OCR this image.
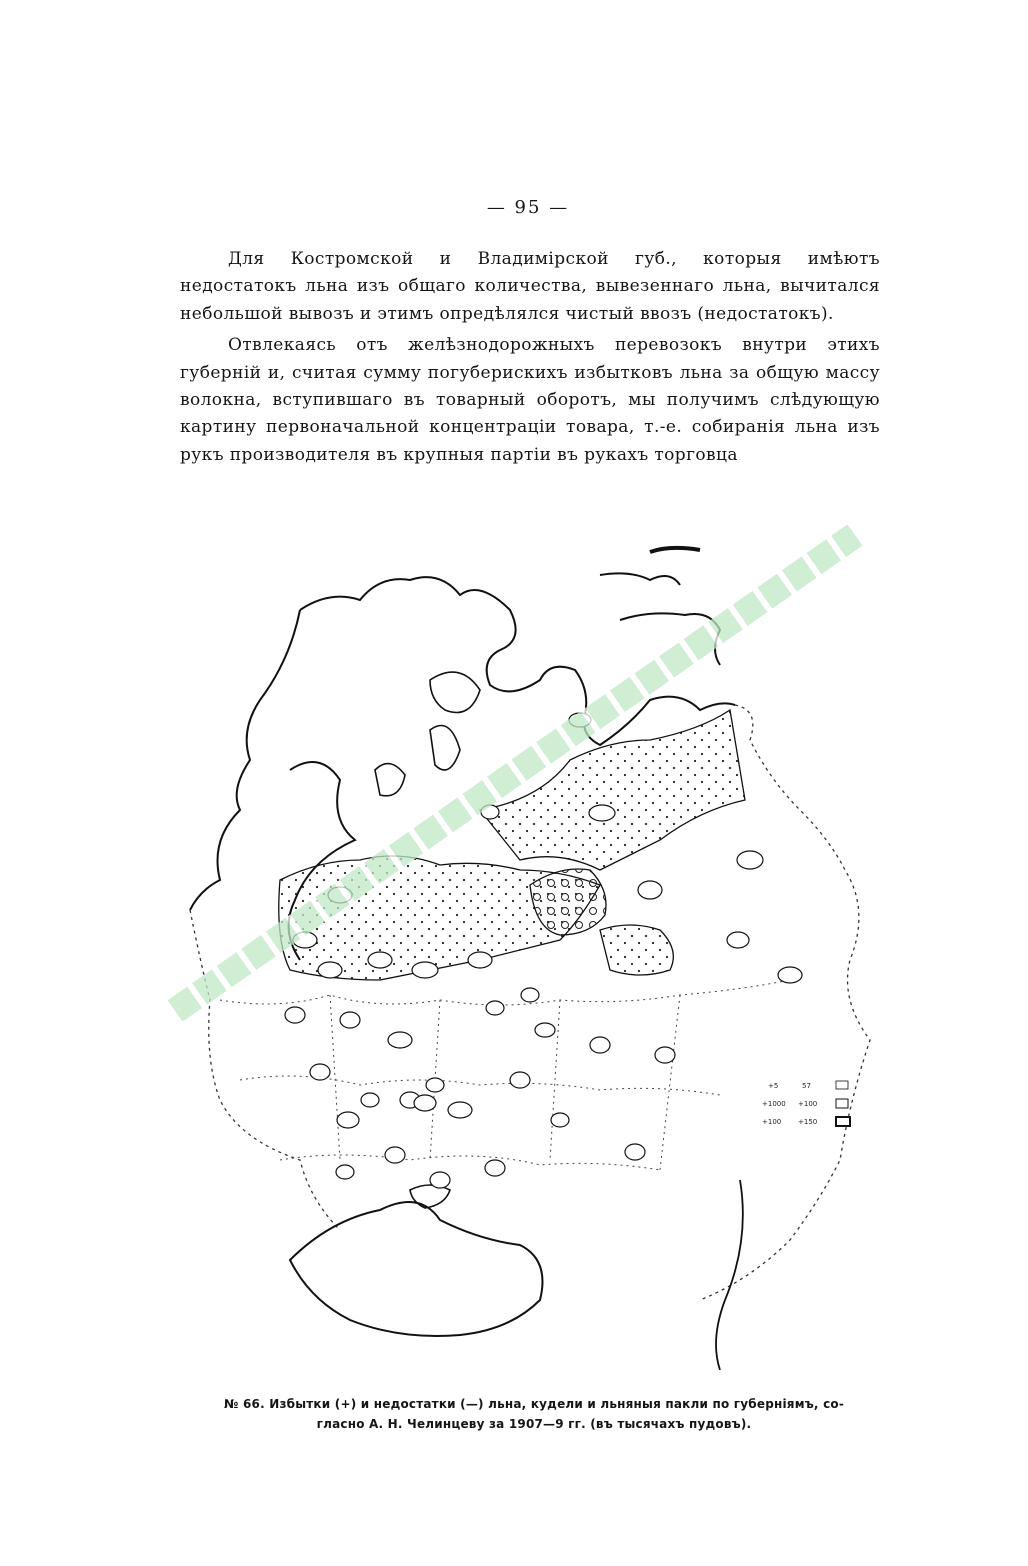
— 95 —

Для Костромской и Владимірской губ., которыя имѣютъ недостатокъ льна изъ общаго количества, вывезеннаго льна, вычитался небольшой вывозъ и этимъ опредѣлялся чистый ввозъ (недостатокъ).

Отвлекаясь отъ желѣзнодорожныхъ перевозокъ внутри этихъ губерній и, считая сумму погуберискихъ избытковъ льна за общую массу волокна, вступившаго въ товарный оборотъ, мы получимъ слѣдующую картину первоначальной концентраціи товара, т.-е. собиранія льна изъ рукъ производителя въ крупныя партіи въ рукахъ торговца

+5	57
+1000 +100
+100 +150
№ 66. Избытки (+) и недостатки (—) льна, кудели и льняныя пакли по губерніямъ, со-
гласно А. Н. Челинцеву за 1907—9 гг. (въ тысячахъ пудовъ).
